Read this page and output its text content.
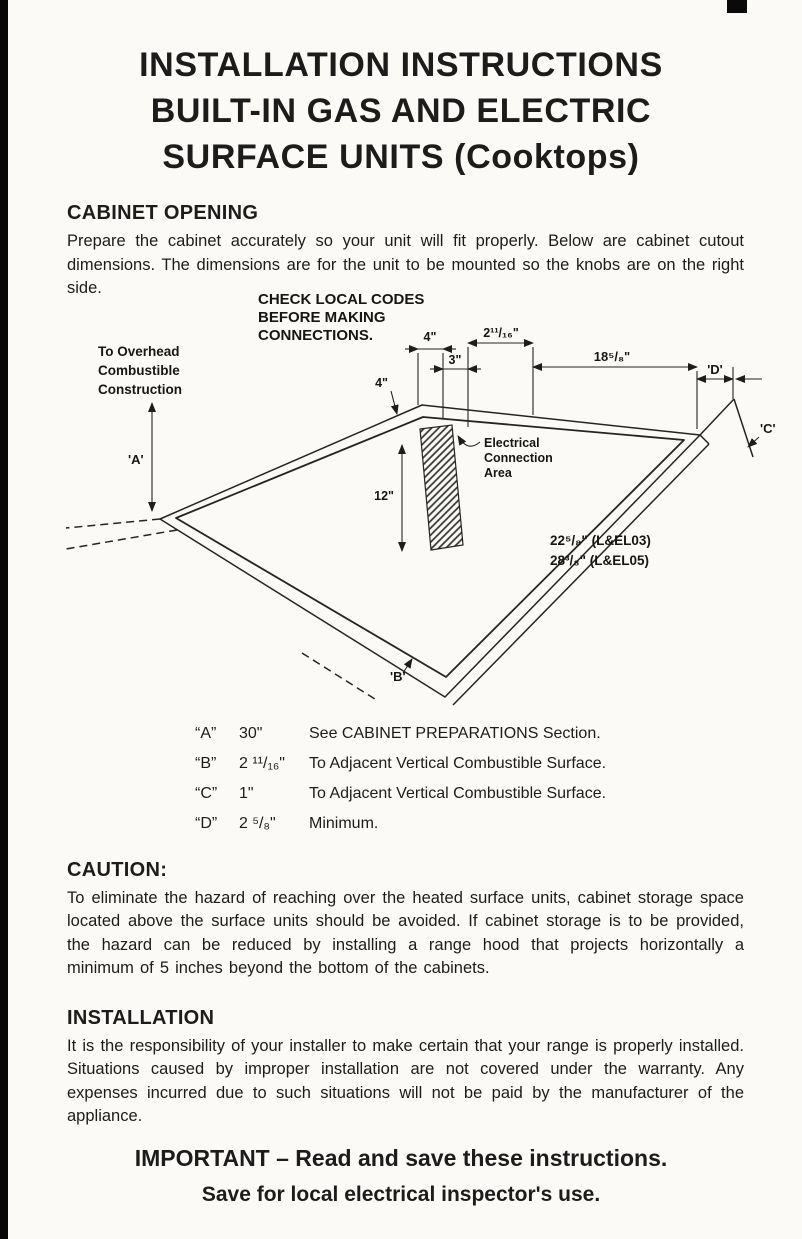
INSTALLATION INSTRUCTIONS
BUILT-IN GAS AND ELECTRIC
SURFACE UNITS (Cooktops)
CABINET OPENING

Prepare the cabinet accurately so your unit will fit properly. Below are cabinet cutout dimensions. The dimensions are for the unit to be mounted so the knobs are on the right side.

CHECK LOCAL CODES
BEFORE MAKING
CONNECTIONS.
To Overhead
Combustible
Construction
'A'
'B'
'C'
'D'
4"
3"
2¹¹/₁₆"
18⁵/₈"
4"
12"
Electrical
Connection
Area
22⁵/₈" (L&EL03)
28³/₈" (L&EL05)
“A”	30"	See CABINET PREPARATIONS Section.
“B”	2 ¹¹/₁₆"	To Adjacent Vertical Combustible Surface.
“C”	1"	To Adjacent Vertical Combustible Surface.
“D”	2 ⁵/₈"	Minimum.
CAUTION:

To eliminate the hazard of reaching over the heated surface units, cabinet storage space located above the surface units should be avoided. If cabinet storage is to be provided, the hazard can be reduced by installing a range hood that projects horizontally a minimum of 5 inches beyond the bottom of the cabinets.

INSTALLATION

It is the responsibility of your installer to make certain that your range is properly installed. Situations caused by improper installation are not covered under the warranty. Any expenses incurred due to such situations will not be paid by the manufacturer of the appliance.

IMPORTANT – Read and save these instructions.
Save for local electrical inspector's use.
